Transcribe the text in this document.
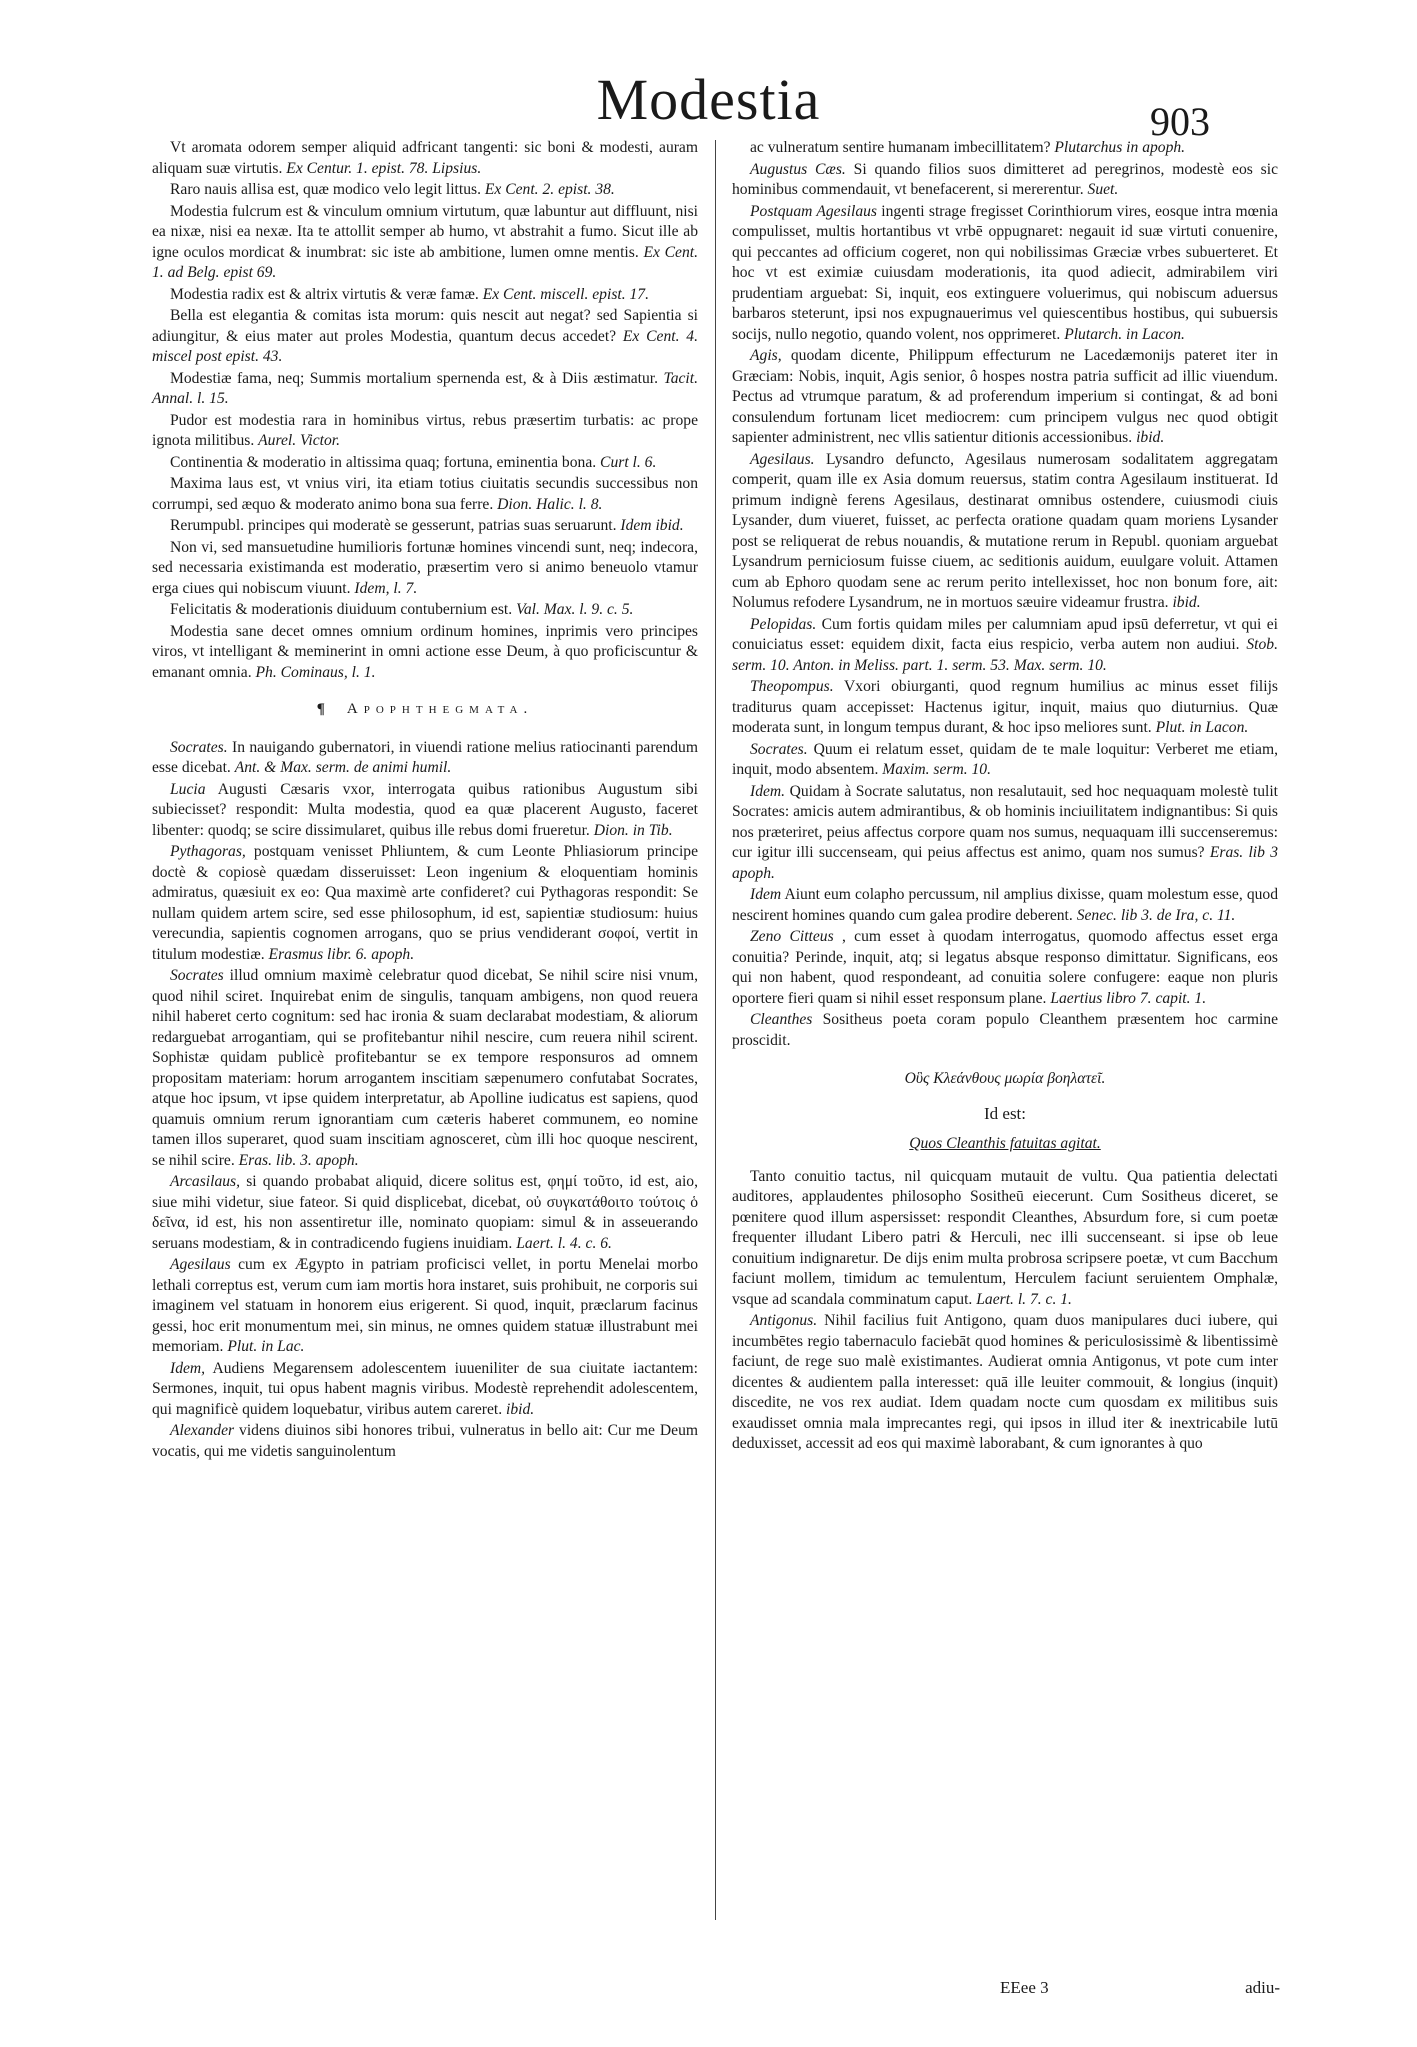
Modestia	903

Vt aromata odorem semper aliquid adfricant tangenti: sic boni & modesti, auram aliquam suæ virtutis. Ex Centur. 1. epist. 78. Lipsius.

Raro nauis allisa est, quæ modico velo legit littus. Ex Cent. 2. epist. 38.

Modestia fulcrum est & vinculum omnium virtutum, quæ labuntur aut diffluunt, nisi ea nixæ, nisi ea nexæ. Ita te attollit semper ab humo, vt abstrahit a fumo. Sicut ille ab igne oculos mordicat & inumbrat: sic iste ab ambitione, lumen omne mentis. Ex Cent. 1. ad Belg. epist 69.

Modestia radix est & altrix virtutis & veræ famæ. Ex Cent. miscell. epist. 17.

Bella est elegantia & comitas ista morum: quis nescit aut negat? sed Sapientia si adiungitur, & eius mater aut proles Modestia, quantum decus accedet? Ex Cent. 4. miscel post epist. 43.

Modestiæ fama, neq; Summis mortalium spernenda est, & à Diis æstimatur. Tacit. Annal. l. 15.

Pudor est modestia rara in hominibus virtus, rebus præsertim turbatis: ac prope ignota militibus. Aurel. Victor.

Continentia & moderatio in altissima quaq; fortuna, eminentia bona. Curt l. 6.

Maxima laus est, vt vnius viri, ita etiam totius ciuitatis secundis successibus non corrumpi, sed æquo & moderato animo bona sua ferre. Dion. Halic. l. 8.

Rerumpubl. principes qui moderatè se gesserunt, patrias suas seruarunt. Idem ibid.

Non vi, sed mansuetudine humilioris fortunæ homines vincendi sunt, neq; indecora, sed necessaria existimanda est moderatio, præsertim vero si animo beneuolo vtamur erga ciues qui nobiscum viuunt. Idem, l. 7.

Felicitatis & moderationis diuiduum contubernium est. Val. Max. l. 9. c. 5.

Modestia sane decet omnes omnium ordinum homines, inprimis vero principes viros, vt intelligant & meminerint in omni actione esse Deum, à quo proficiscuntur & emanant omnia. Ph. Cominaus, l. 1.

¶ Apophthegmata.

Socrates. In nauigando gubernatori, in viuendi ratione melius ratiocinanti parendum esse dicebat. Ant. & Max. serm. de animi humil.

Lucia Augusti Cæsaris vxor, interrogata quibus rationibus Augustum sibi subiecisset? respondit: Multa modestia, quod ea quæ placerent Augusto, faceret libenter: quodq; se scire dissimularet, quibus ille rebus domi frueretur. Dion. in Tib.

Pythagoras, postquam venisset Phliuntem, & cum Leonte Phliasiorum principe doctè & copiosè quædam disseruisset: Leon ingenium & eloquentiam hominis admiratus, quæsiuit ex eo: Qua maximè arte confideret? cui Pythagoras respondit: Se nullam quidem artem scire, sed esse philosophum, id est, sapientiæ studiosum: huius verecundia, sapientis cognomen arrogans, quo se prius vendiderant σοφοί, vertit in titulum modestiæ. Erasmus libr. 6. apoph.

Socrates illud omnium maximè celebratur quod dicebat, Se nihil scire nisi vnum, quod nihil sciret. Inquirebat enim de singulis, tanquam ambigens, non quod reuera nihil haberet certo cognitum: sed hac ironia & suam declarabat modestiam, & aliorum redarguebat arrogantiam, qui se profitebantur nihil nescire, cum reuera nihil scirent. Sophistæ quidam publicè profitebantur se ex tempore responsuros ad omnem propositam materiam: horum arrogantem inscitiam sæpenumero confutabat Socrates, atque hoc ipsum, vt ipse quidem interpretatur, ab Apolline iudicatus est sapiens, quod quamuis omnium rerum ignorantiam cum cæteris haberet communem, eo nomine tamen illos superaret, quod suam inscitiam agnosceret, cùm illi hoc quoque nescirent, se nihil scire. Eras. lib. 3. apoph.

Arcasilaus, si quando probabat aliquid, dicere solitus est, φημί τοῦτο, id est, aio, siue mihi videtur, siue fateor. Si quid displicebat, dicebat, οὐ συγκατάθοιτο τούτοις ὁ δεῖνα, id est, his non assentiretur ille, nominato quopiam: simul & in asseuerando seruans modestiam, & in contradicendo fugiens inuidiam. Laert. l. 4. c. 6.

Agesilaus cum ex Ægypto in patriam proficisci vellet, in portu Menelai morbo lethali correptus est, verum cum iam mortis hora instaret, suis prohibuit, ne corporis sui imaginem vel statuam in honorem eius erigerent. Si quod, inquit, præclarum facinus gessi, hoc erit monumentum mei, sin minus, ne omnes quidem statuæ illustrabunt mei memoriam. Plut. in Lac.

Idem, Audiens Megarensem adolescentem iuueniliter de sua ciuitate iactantem: Sermones, inquit, tui opus habent magnis viribus. Modestè reprehendit adolescentem, qui magnificè quidem loquebatur, viribus autem careret. ibid.

Alexander videns diuinos sibi honores tribui, vulneratus in bello ait: Cur me Deum vocatis, qui me videtis sanguinolentum

ac vulneratum sentire humanam imbecillitatem? Plutarchus in apoph.

Augustus Cæs. Si quando filios suos dimitteret ad peregrinos, modestè eos sic hominibus commendauit, vt benefacerent, si mererentur. Suet.

Postquam Agesilaus ingenti strage fregisset Corinthiorum vires, eosque intra mœnia compulisset, multis hortantibus vt vrbē oppugnaret: negauit id suæ virtuti conuenire, qui peccantes ad officium cogeret, non qui nobilissimas Græciæ vrbes subuerteret. Et hoc vt est eximiæ cuiusdam moderationis, ita quod adiecit, admirabilem viri prudentiam arguebat: Si, inquit, eos extinguere voluerimus, qui nobiscum aduersus barbaros steterunt, ipsi nos expugnauerimus vel quiescentibus hostibus, qui subuersis socijs, nullo negotio, quando volent, nos opprimeret. Plutarch. in Lacon.

Agis, quodam dicente, Philippum effecturum ne Lacedæmonijs pateret iter in Græciam: Nobis, inquit, Agis senior, ô hospes nostra patria sufficit ad illic viuendum. Pectus ad vtrumque paratum, & ad proferendum imperium si contingat, & ad boni consulendum fortunam licet mediocrem: cum principem vulgus nec quod obtigit sapienter administrent, nec vllis satientur ditionis accessionibus. ibid.

Agesilaus. Lysandro defuncto, Agesilaus numerosam sodalitatem aggregatam comperit, quam ille ex Asia domum reuersus, statim contra Agesilaum instituerat. Id primum indignè ferens Agesilaus, destinarat omnibus ostendere, cuiusmodi ciuis Lysander, dum viueret, fuisset, ac perfecta oratione quadam quam moriens Lysander post se reliquerat de rebus nouandis, & mutatione rerum in Republ. quoniam arguebat Lysandrum perniciosum fuisse ciuem, ac seditionis auidum, euulgare voluit. Attamen cum ab Ephoro quodam sene ac rerum perito intellexisset, hoc non bonum fore, ait: Nolumus refodere Lysandrum, ne in mortuos sæuire videamur frustra. ibid.

Pelopidas. Cum fortis quidam miles per calumniam apud ipsū deferretur, vt qui ei conuiciatus esset: equidem dixit, facta eius respicio, verba autem non audiui. Stob. serm. 10. Anton. in Meliss. part. 1. serm. 53. Max. serm. 10.

Theopompus. Vxori obiurganti, quod regnum humilius ac minus esset filijs traditurus quam accepisset: Hactenus igitur, inquit, maius quo diuturnius. Quæ moderata sunt, in longum tempus durant, & hoc ipso meliores sunt. Plut. in Lacon.

Socrates. Quum ei relatum esset, quidam de te male loquitur: Verberet me etiam, inquit, modo absentem. Maxim. serm. 10.

Idem. Quidam à Socrate salutatus, non resalutauit, sed hoc nequaquam molestè tulit Socrates: amicis autem admirantibus, & ob hominis inciuilitatem indignantibus: Si quis nos præteriret, peius affectus corpore quam nos sumus, nequaquam illi succenseremus: cur igitur illi succenseam, qui peius affectus est animo, quam nos sumus? Eras. lib 3 apoph.

Idem Aiunt eum colapho percussum, nil amplius dixisse, quam molestum esse, quod nescirent homines quando cum galea prodire deberent. Senec. lib 3. de Ira, c. 11.

Zeno Citteus , cum esset à quodam interrogatus, quomodo affectus esset erga conuitia? Perinde, inquit, atq; si legatus absque responso dimittatur. Significans, eos qui non habent, quod respondeant, ad conuitia solere confugere: eaque non pluris oportere fieri quam si nihil esset responsum plane. Laertius libro 7. capit. 1.

Cleanthes Sositheus poeta coram populo Cleanthem præsentem hoc carmine proscidit.

Οὓς Κλεάνθους μωρία βοηλατεῖ.
Id est:
Quos Cleanthis fatuitas agitat.

Tanto conuitio tactus, nil quicquam mutauit de vultu. Qua patientia delectati auditores, applaudentes philosopho Sositheū eiecerunt. Cum Sositheus diceret, se pœnitere quod illum aspersisset: respondit Cleanthes, Absurdum fore, si cum poetæ frequenter illudant Libero patri & Herculi, nec illi succenseant. si ipse ob leue conuitium indignaretur. De dijs enim multa probrosa scripsere poetæ, vt cum Bacchum faciunt mollem, timidum ac temulentum, Herculem faciunt seruientem Omphalæ, vsque ad scandala comminatum caput. Laert. l. 7. c. 1.

Antigonus. Nihil facilius fuit Antigono, quam duos manipulares duci iubere, qui incumbētes regio tabernaculo faciebāt quod homines & periculosissimè & libentissimè faciunt, de rege suo malè existimantes. Audierat omnia Antigonus, vt pote cum inter dicentes & audientem palla interesset: quā ille leuiter commouit, & longius (inquit) discedite, ne vos rex audiat. Idem quadam nocte cum quosdam ex militibus suis exaudisset omnia mala imprecantes regi, qui ipsos in illud iter & inextricabile lutū deduxisset, accessit ad eos qui maximè laborabant, & cum ignorantes à quo

EEee 3	adiu-
